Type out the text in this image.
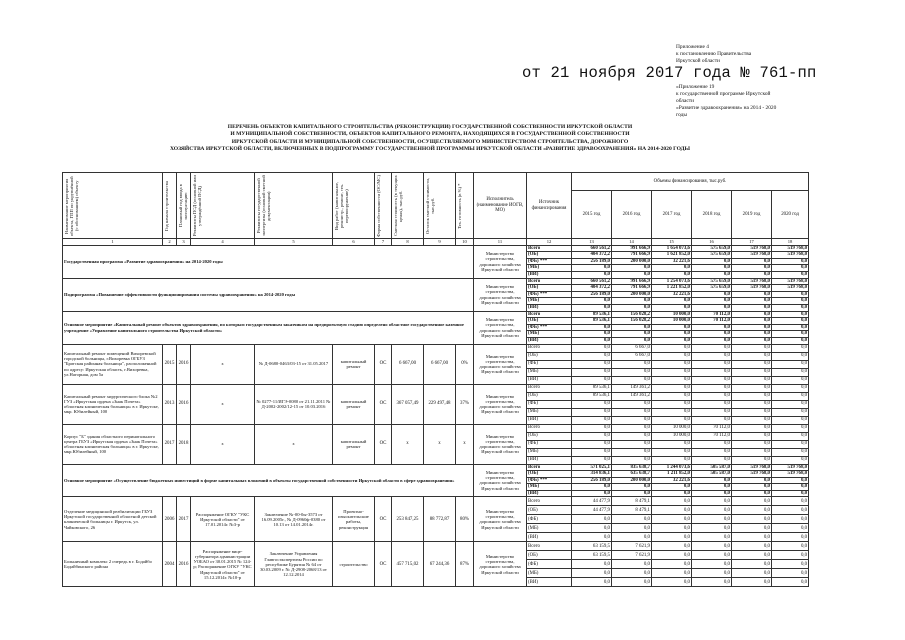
Приложение 4
к постановлению Правительства
Иркутской области
от 21 ноября 2017 года № 761-пп
«Приложение 19
к государственной программе Иркутской
области
«Развитие здравоохранения» на 2014 - 2020
годы
ПЕРЕЧЕНЬ ОБЪЕКТОВ КАПИТАЛЬНОГО СТРОИТЕЛЬСТВА (РЕКОНСТРУКЦИИ) ГОСУДАРСТВЕННОЙ СОБСТВЕННОСТИ ИРКУТСКОЙ ОБЛАСТИ
И МУНИЦИПАЛЬНОЙ СОБСТВЕННОСТИ, ОБЪЕКТОВ КАПИТАЛЬНОГО РЕМОНТА, НАХОДЯЩИХСЯ В ГОСУДАРСТВЕННОЙ СОБСТВЕННОСТИ
ИРКУТСКОЙ ОБЛАСТИ И МУНИЦИПАЛЬНОЙ СОБСТВЕННОСТИ, ОСУЩЕСТВЛЯЕМОГО МИНИСТЕРСТВОМ СТРОИТЕЛЬСТВА, ДОРОЖНОГО
ХОЗЯЙСТВА ИРКУТСКОЙ ОБЛАСТИ, ВКЛЮЧЕННЫХ В ПОДПРОГРАММУ ГОСУДАРСТВЕННОЙ ПРОГРАММЫ ИРКУТСКОЙ ОБЛАСТИ «РАЗВИТИЕ ЗДРАВООХРАНЕНИЯ» НА 2014-2020 ГОДЫ
Наименование мероприятия объекта, ГПП по укрупнённой (с обоснованием) объекту	Год начала строительства	Плановый год ввода в эксплуатацию	Реквизиты ПСД (основной или утверждённой ПСД)	Реквизиты государственной экспертизы (основной сметной документации)	Вид работ (капитальное, реконстр., ремонт, тех. перевооружение)	Форма собственности (ОС/МС)	Сметная стоимость (в текущих ценах), тыс.руб.	Остаток сметной стоимости, тыс.руб.	Тех. готовность (в %) *	Исполнитель (наименование ИОГВ, МО)	Источник финансирования	Объемы финансирования, тыс.руб.					
												2015 год	2016 год	2017 год	2018 год	2019 год	2020 год
1	2	3	4	5	6	7	8	9	10	11	12	13	14	15	16	17	18
Государственная программа «Развитие здравоохранения» на 2014-2020 годы										Министерство строительства, дорожного хозяйства Иркутской области	Всего	660 561,2	991 666,9	1 654 073,6	575 659,0	519 768,0	519 768,0
											(ОБ)	404 372,2	791 666,9	1 621 852,0	575 659,0	519 768,0	519 768,0
											(ФБ) ***	256 189,0	200 000,0	32 221,6	0,0	0,0	0,0
											(МБ)	0,0	0,0	0,0	0,0	0,0	0,0
											(ВИ)	0,0	0,0	0,0	0,0	0,0	0,0
Подпрограмма «Повышение эффективности функционирования системы здравоохранения» на 2014-2020 годы										Министерство строительства, дорожного хозяйства Иркутской области	Всего	660 561,2	991 666,9	1 254 073,6	575 659,0	519 768,0	519 768,0
											(ОБ)	404 372,2	791 666,9	1 221 852,0	575 659,0	519 768,0	519 768,0
											(ФБ) ***	256 189,0	200 000,0	32 221,6	0,0	0,0	0,0
											(МБ)	0,0	0,0	0,0	0,0	0,0	0,0
											(ВИ)	0,0	0,0	0,0	0,0	0,0	0,0
Основное мероприятие «Капитальный ремонт объектов здравоохранения, по которым государственным заказчиком на предпроектную стадию определено областное государственное казенное учреждение «Управление капитального строительства Иркутской области»										Министерство строительства, дорожного хозяйства Иркутской области	Всего	89 536,1	156 028,2	10 000,0	70 112,0	0,0	0,0
											(ОБ)	89 536,1	156 028,2	10 000,0	70 112,0	0,0	0,0
											(ФБ) ***	0,0	0,0	0,0	0,0	0,0	0,0
											(МБ)	0,0	0,0	0,0	0,0	0,0	0,0
											(ВИ)	0,0	0,0	0,0	0,0	0,0	0,0
Капитальный ремонт помещений Вихоревской городской больницы, г.Вихоревка ОГБУЗ "Братская районная больница", расположенной по адресу: Иркутская область, г.Вихоревка, ул.Нагорная, дом 5а	2015	2016	x	№ Д-0680-0463/03-15 от 31.05.2017	капитальный ремонт	ОС	6 667,00	6 667,00	0%	Министерство строительства, дорожного хозяйства Иркутской области	Всего	0,0	6 667,0	0,0	0,0	0,0	0,0
											(ОБ)	0,0	6 667,0	0,0	0,0	0,0	0,0
											(ФБ)	0,0	0,0	0,0	0,0	0,0	0,0
											(МБ)	0,0	0,0	0,0	0,0	0,0	0,0
											(ВИ)	0,0	0,0	0,0	0,0	0,0	0,0
Капитальный ремонт хирургического блока №2 ГУЗ «Иркутская ордена «Знак Почета» областная клиническая больница» в г. Иркутске, мкр. Юбилейный, 100	2013	2016	x	№ 0277-11/ИГЭ-0080 от 21.11.2011 № Д-2002-2002/12-15 от 10.03.2016	капитальный ремонт	ОС	367 057,49	229 497,48	37%	Министерство строительства, дорожного хозяйства Иркутской области	Всего	89 536,1	149 361,2	0,0	0,0	0,0	0,0
											(ОБ)	89 536,1	149 361,2	0,0	0,0	0,0	0,0
											(ФБ)	0,0	0,0	0,0	0,0	0,0	0,0
											(МБ)	0,0	0,0	0,0	0,0	0,0	0,0
											(ВИ)	0,0	0,0	0,0	0,0	0,0	0,0
Корпус "Б" здания областного перинатального центра ГБУЗ «Иркутская ордена «Знак Почета» областная клиническая больница» в г. Иркутске, мкр.Юбилейный, 100	2017	2018	x	x	капитальный ремонт	ОС	x	x	x	Министерство строительства, дорожного хозяйства Иркутской области	Всего	0,0	0,0	10 000,0	70 112,0	0,0	0,0
											(ОБ)	0,0	0,0	10 000,0	70 112,0	0,0	0,0
											(ФБ)	0,0	0,0	0,0	0,0	0,0	0,0
											(МБ)	0,0	0,0	0,0	0,0	0,0	0,0
											(ВИ)	0,0	0,0	0,0	0,0	0,0	0,0
Основное мероприятие «Осуществление бюджетных инвестиций в форме капитальных вложений в объекты государственной собственности Иркутской области в сфере здравоохранения»										Министерство строительства, дорожного хозяйства Иркутской области	Всего	571 025,1	835 638,7	1 244 073,6	505 587,0	519 768,0	519 768,0
											(ОБ)	314 836,1	635 638,7	1 211 852,0	505 587,0	519 768,0	519 768,0
											(ФБ) ***	256 189,0	200 000,0	32 221,6	0,0	0,0	0,0
											(МБ)	0,0	0,0	0,0	0,0	0,0	0,0
											(ВИ)	0,0	0,0	0,0	0,0	0,0	0,0
Отделение медицинской реабилитации ГБУЗ Иркутской государственной областной детской клинической больницы г. Иркутск, ул. Чайковского, 26	2006	2017	Распоряжение ОГКУ "УКС Иркутской области" от 17.01.2014г. №3-р	Заключение №-00-0ы-3573 от 16.09.2005г., № Д-0960ф-0380 от 10.13 от 14.01.2014г.	Проектно-изыскательские работы, реконструкция	ОС	253 847,25	88 772,87	80%	Министерство строительства, дорожного хозяйства Иркутской области	Всего	44 477,9	8 479,1	0,0	0,0	0,0	0,0
											(ОБ)	44 477,9	8 479,1	0,0	0,0	0,0	0,0
											(ФБ)	0,0	0,0	0,0	0,0	0,0	0,0
											(МБ)	0,0	0,0	0,0	0,0	0,0	0,0
											(ВИ)	0,0	0,0	0,0	0,0	0,0	0,0
Больничный комплекс 2 очередь в г. Бодайбо Бодайбинского района	2004	2016	Распоряжение вице-губернатора администрации УОБАО от 30.01.2015 № 124-р; Распоряжение ОГКУ "УКС Иркутской области" от 15.12.2014г. №10-р	Заключение Управления Главгосэкспертизы России по республике Бурятия № 64 от 30.03.2009 г. № Д-2908-2068/13 от 12.12.2014	строительство	ОС	457 715,02	67 244,36	87%	Министерство строительства, дорожного хозяйства Иркутской области	Всего	63 159,5	7 621,9	0,0	0,0	0,0	0,0
											(ОБ)	63 159,5	7 621,9	0,0	0,0	0,0	0,0
											(ФБ)	0,0	0,0	0,0	0,0	0,0	0,0
											(МБ)	0,0	0,0	0,0	0,0	0,0	0,0
											(ВИ)	0,0	0,0	0,0	0,0	0,0	0,0
